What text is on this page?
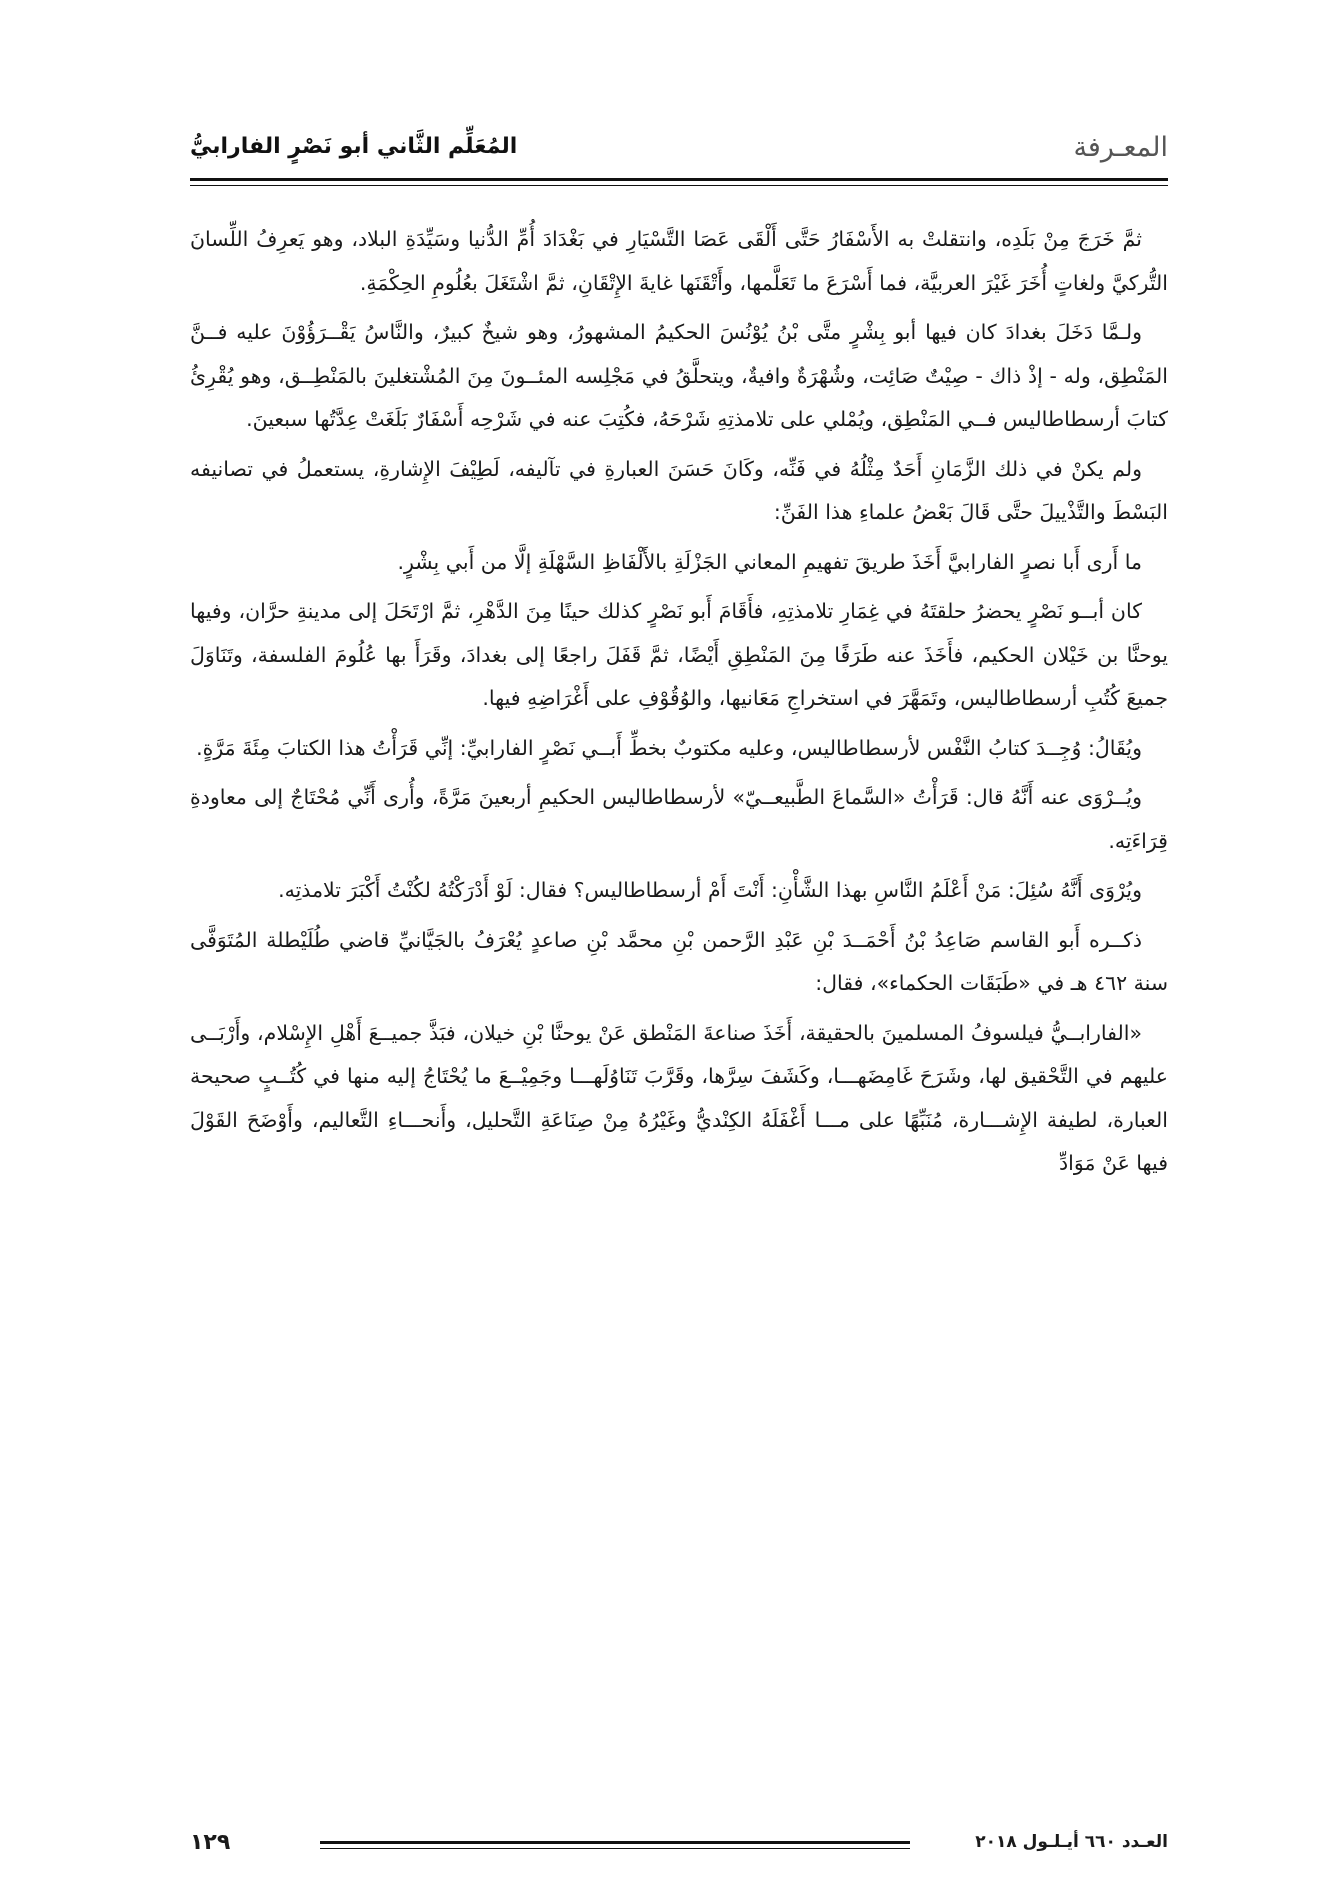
المعـرفة
المُعَلِّم الثَّاني أبو نَصْرٍ الفارابيُّ

ثمَّ خَرَجَ مِنْ بَلَدِه، وانتقلتْ به الأَسْفَارُ حَتَّى أَلْقَى عَصَا التَّسْيَارِ في بَغْدَادَ أُمِّ الدُّنيا وسَيِّدَةِ البلاد، وهو يَعرِفُ اللِّسانَ التُّركيَّ ولغاتٍ أُخَرَ غَيْرَ العربيَّة، فما أَسْرَعَ ما تَعَلَّمها، وأَتْقَنَها غايةَ الإِتْقَانِ، ثمَّ اشْتَغَلَ بعُلُومِ الحِكْمَةِ.

ولـمَّا دَخَلَ بغدادَ كان فيها أبو بِشْرٍ متَّى بْنُ يُوْنُسَ الحكيمُ المشهورُ، وهو شيخٌ كبيرٌ، والنَّاسُ يَقْــرَؤُوْنَ عليه فــنَّ المَنْطِق، وله - إذْ ذاك - صِيْتٌ صَائِت، وشُهْرَةٌ وافيةٌ، ويتحلَّقُ في مَجْلِسه المئــونَ مِنَ المُشْتغلينَ بالمَنْطِــق، وهو يُقْرِئُ كتابَ أرسطاطاليس فــي المَنْطِق، ويُمْلي على تلامذتِهِ شَرْحَهُ، فكُتِبَ عنه في شَرْحِه أَسْفَارٌ بَلَغَتْ عِدَّتُها سبعينَ.

ولم يكنْ في ذلك الزَّمَانِ أَحَدٌ مِثْلُهُ في فَنِّه، وكَانَ حَسَنَ العبارةِ في تآليفه، لَطِيْفَ الإِشارةِ، يستعملُ في تصانيفه البَسْطَ والتَّذْييلَ حتَّى قَالَ بَعْضُ علماءِ هذا الفَنِّ:

ما أَرى أَبا نصرٍ الفارابيَّ أَخَذَ طريقَ تفهيمِ المعاني الجَزْلَةِ بالأَلْفَاظِ السَّهْلَةِ إلَّا من أَبي بِشْرٍ.

كان أبــو نَصْرٍ يحضرُ حلقتَهُ في غِمَارِ تلامذتِهِ، فأَقَامَ أَبو نَصْرٍ كذلك حينًا مِنَ الدَّهْرِ، ثمَّ ارْتَحَلَ إلى مدينةِ حرَّان، وفيها يوحنَّا بن خَيْلان الحكيم، فأَخَذَ عنه طَرَفًا مِنَ المَنْطِقِ أَيْضًا، ثمَّ قَفَلَ راجعًا إلى بغدادَ، وقَرَأَ بها عُلُومَ الفلسفة، وتَنَاوَلَ جميعَ كُتُبِ أرسطاطاليس، وتَمَهَّرَ في استخراجِ مَعَانيها، والوُقُوْفِ على أَغْرَاضِهِ فيها.

ويُقَالُ: وُجِــدَ كتابُ النَّفْس لأرسطاطاليس، وعليه مكتوبٌ بخطِّ أَبــي نَصْرٍ الفارابيِّ: إنِّي قَرَأْتُ هذا الكتابَ مِئَةَ مَرَّةٍ.

ويُــرْوَى عنه أَنَّهُ قال: قَرَأْتُ «السَّماعَ الطَّبيعــيّ» لأرسطاطاليس الحكيمِ أربعينَ مَرَّةً، وأُرى أَنِّي مُحْتَاجٌ إلى معاودةِ قِرَاءَتِه.

ويُرْوَى أَنَّهُ سُئِلَ: مَنْ أَعْلَمُ النَّاسِ بهذا الشَّأْنِ: أَنْتَ أَمْ أرسطاطاليس؟ فقال: لَوْ أَدْرَكْتُهُ لكُنْتُ أَكْبَرَ تلامذتِه.

ذكــره أَبو القاسم صَاعِدُ بْنُ أَحْمَــدَ بْنِ عَبْدِ الرَّحمن بْنِ محمَّد بْنِ صاعدٍ يُعْرَفُ بالجَيَّانيِّ قاضي طُلَيْطلة المُتَوَفَّى سنة ٤٦٢ هـ في «طَبَقَات الحكماء»، فقال:

«الفارابــيُّ فيلسوفُ المسلمينَ بالحقيقة، أَخَذَ صناعةَ المَنْطق عَنْ يوحنَّا بْنِ خيلان، فبَذَّ جميــعَ أَهْلِ الإِسْلام، وأَرْبَــى عليهم في التَّحْقيق لها، وشَرَحَ غَامِضَهـــا، وكَشَفَ سِرَّها، وقَرَّبَ تَنَاوُلَهـــا وجَمِيْــعَ ما يُحْتَاجُ إليه منها في كُتُــبٍ صحيحة العبارة، لطيفة الإِشـــارة، مُنَبِّهًا على مـــا أَغْفَلَهُ الكِنْديُّ وغَيْرُهُ مِنْ صِنَاعَةِ التَّحليل، وأَنحـــاءِ التَّعاليم، وأَوْضَحَ القَوْلَ فيها عَنْ مَوَادِّ

١٢٩	العـدد ٦٦٠ أيـلـول ٢٠١٨
